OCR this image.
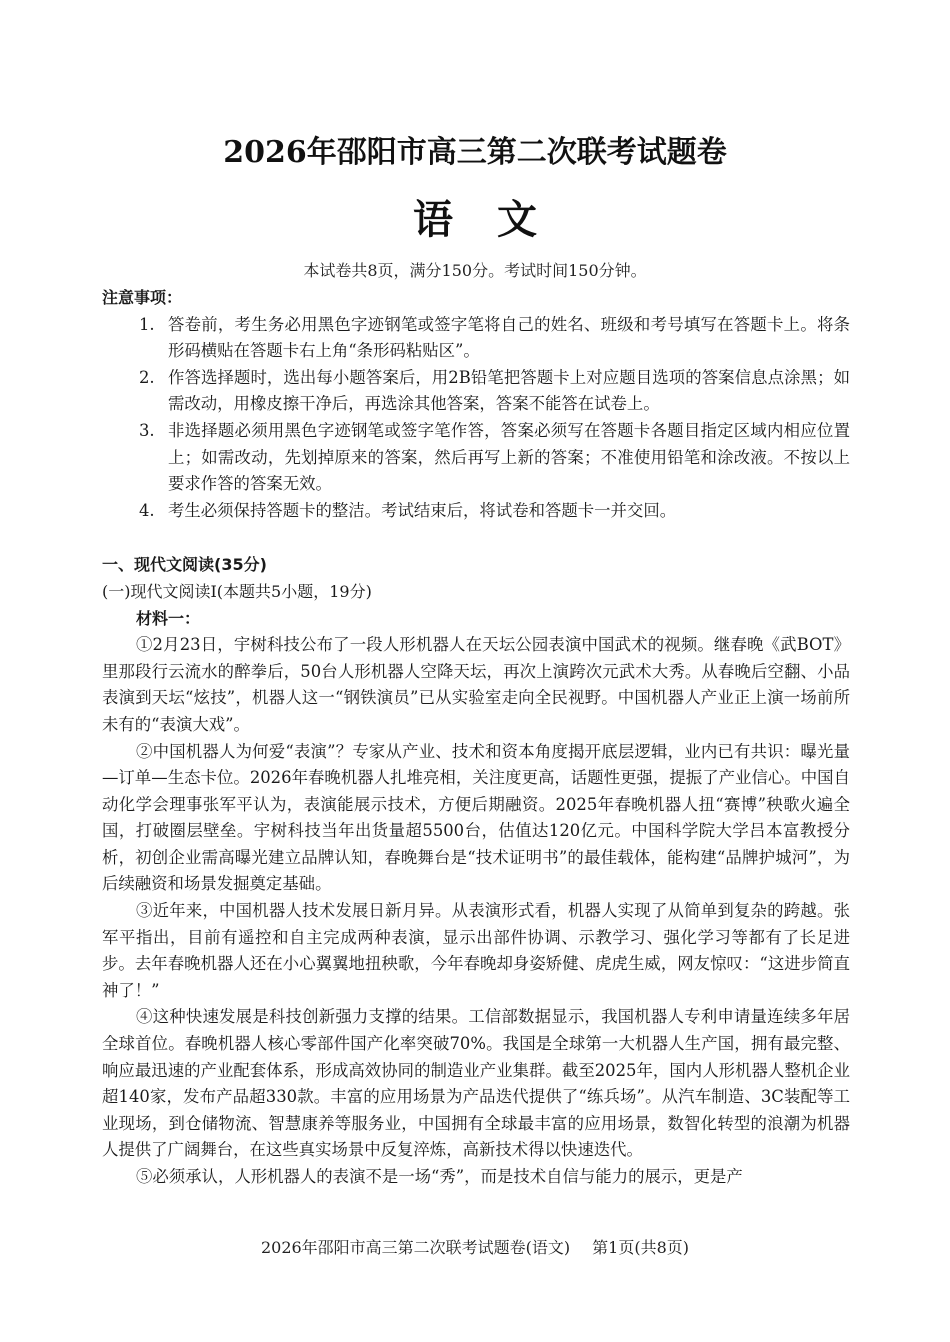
2026年邵阳市高三第二次联考试题卷
语 文
本试卷共8页，满分150分。考试时间150分钟。
注意事项：
1. 答卷前，考生务必用黑色字迹钢笔或签字笔将自己的姓名、班级和考号填写在答题卡上。将条形码横贴在答题卡右上角“条形码粘贴区”。
2. 作答选择题时，选出每小题答案后，用2B铅笔把答题卡上对应题目选项的答案信息点涂黑；如需改动，用橡皮擦干净后，再选涂其他答案，答案不能答在试卷上。
3. 非选择题必须用黑色字迹钢笔或签字笔作答，答案必须写在答题卡各题目指定区域内相应位置上；如需改动，先划掉原来的答案，然后再写上新的答案；不准使用铅笔和涂改液。不按以上要求作答的答案无效。
4. 考生必须保持答题卡的整洁。考试结束后，将试卷和答题卡一并交回。
一、现代文阅读(35分)
(一)现代文阅读Ⅰ(本题共5小题，19分)
材料一：
①2月23日，宇树科技公布了一段人形机器人在天坛公园表演中国武术的视频。继春晚《武BOT》里那段行云流水的醉拳后，50台人形机器人空降天坛，再次上演跨次元武术大秀。从春晚后空翻、小品表演到天坛“炫技”，机器人这一“钢铁演员”已从实验室走向全民视野。中国机器人产业正上演一场前所未有的“表演大戏”。
②中国机器人为何爱“表演”？专家从产业、技术和资本角度揭开底层逻辑，业内已有共识：曝光量—订单—生态卡位。2026年春晚机器人扎堆亮相，关注度更高，话题性更强，提振了产业信心。中国自动化学会理事张军平认为，表演能展示技术，方便后期融资。2025年春晚机器人扭“赛博”秧歌火遍全国，打破圈层壁垒。宇树科技当年出货量超5500台，估值达120亿元。中国科学院大学吕本富教授分析，初创企业需高曝光建立品牌认知，春晚舞台是“技术证明书”的最佳载体，能构建“品牌护城河”，为后续融资和场景发掘奠定基础。
③近年来，中国机器人技术发展日新月异。从表演形式看，机器人实现了从简单到复杂的跨越。张军平指出，目前有遥控和自主完成两种表演，显示出部件协调、示教学习、强化学习等都有了长足进步。去年春晚机器人还在小心翼翼地扭秧歌，今年春晚却身姿矫健、虎虎生威，网友惊叹：“这进步简直神了！”
④这种快速发展是科技创新强力支撑的结果。工信部数据显示，我国机器人专利申请量连续多年居全球首位。春晚机器人核心零部件国产化率突破70%。我国是全球第一大机器人生产国，拥有最完整、响应最迅速的产业配套体系，形成高效协同的制造业产业集群。截至2025年，国内人形机器人整机企业超140家，发布产品超330款。丰富的应用场景为产品迭代提供了“练兵场”。从汽车制造、3C装配等工业现场，到仓储物流、智慧康养等服务业，中国拥有全球最丰富的应用场景，数智化转型的浪潮为机器人提供了广阔舞台，在这些真实场景中反复淬炼，高新技术得以快速迭代。
⑤必须承认，人形机器人的表演不是一场“秀”，而是技术自信与能力的展示，更是产
2026年邵阳市高三第二次联考试题卷(语文) 第1页(共8页)
